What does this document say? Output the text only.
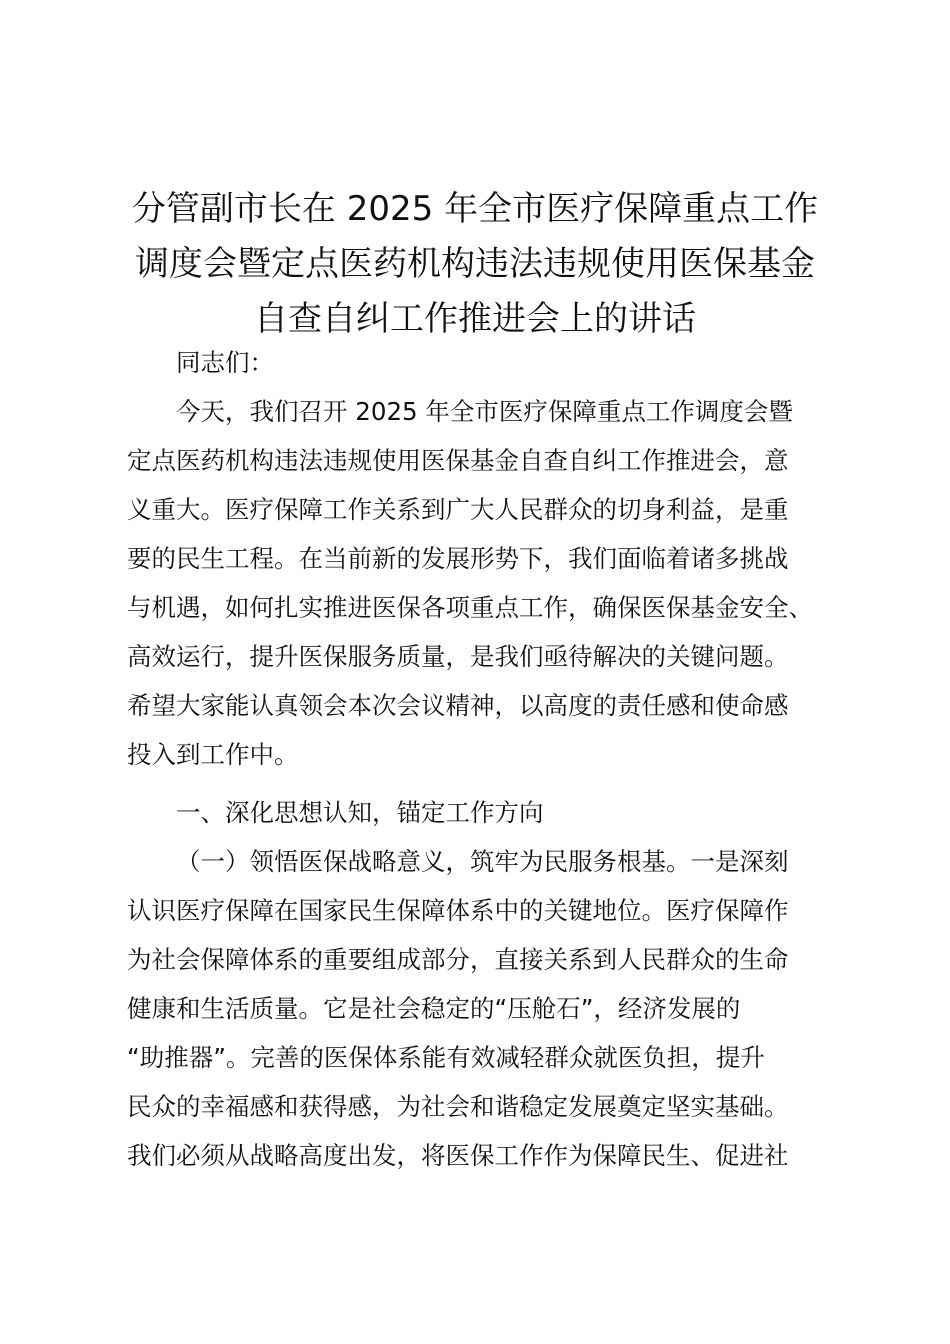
分管副市长在 2025 年全市医疗保障重点工作
调度会暨定点医药机构违法违规使用医保基金
自查自纠工作推进会上的讲话

同志们：

今天，我们召开 2025 年全市医疗保障重点工作调度会暨
定点医药机构违法违规使用医保基金自查自纠工作推进会，意
义重大。医疗保障工作关系到广大人民群众的切身利益，是重
要的民生工程。在当前新的发展形势下，我们面临着诸多挑战
与机遇，如何扎实推进医保各项重点工作，确保医保基金安全、
高效运行，提升医保服务质量，是我们亟待解决的关键问题。
希望大家能认真领会本次会议精神，以高度的责任感和使命感
投入到工作中。

一、深化思想认知，锚定工作方向

（一）领悟医保战略意义，筑牢为民服务根基。一是深刻
认识医疗保障在国家民生保障体系中的关键地位。医疗保障作
为社会保障体系的重要组成部分，直接关系到人民群众的生命
健康和生活质量。它是社会稳定的“压舱石”，经济发展的
“助推器”。完善的医保体系能有效减轻群众就医负担，提升
民众的幸福感和获得感，为社会和谐稳定发展奠定坚实基础。
我们必须从战略高度出发，将医保工作作为保障民生、促进社
